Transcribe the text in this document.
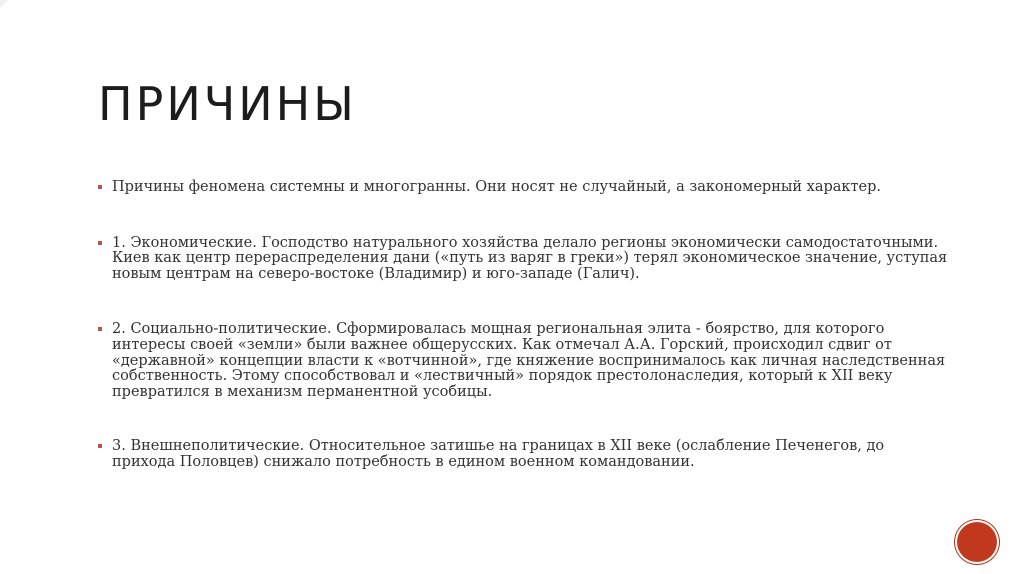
ПРИЧИНЫ
Причины феномена системны и многогранны. Они носят не случайный, а закономерный характер.
1. Экономические. Господство натурального хозяйства делало регионы экономически самодостаточными. Киев как центр перераспределения дани («путь из варяг в греки») терял экономическое значение, уступая новым центрам на северо-востоке (Владимир) и юго-западе (Галич).
2. Социально-политические. Сформировалась мощная региональная элита - боярство, для которого интересы своей «земли» были важнее общерусских. Как отмечал А.А. Горский, происходил сдвиг от «державной» концепции власти к «вотчинной», где княжение воспринималось как личная наследственная собственность. Этому способствовал и «лествичный» порядок престолонаследия, который к XII веку превратился в механизм перманентной усобицы.
3. Внешнеполитические. Относительное затишье на границах в XII веке (ослабление Печенегов, до прихода Половцев) снижало потребность в едином военном командовании.
